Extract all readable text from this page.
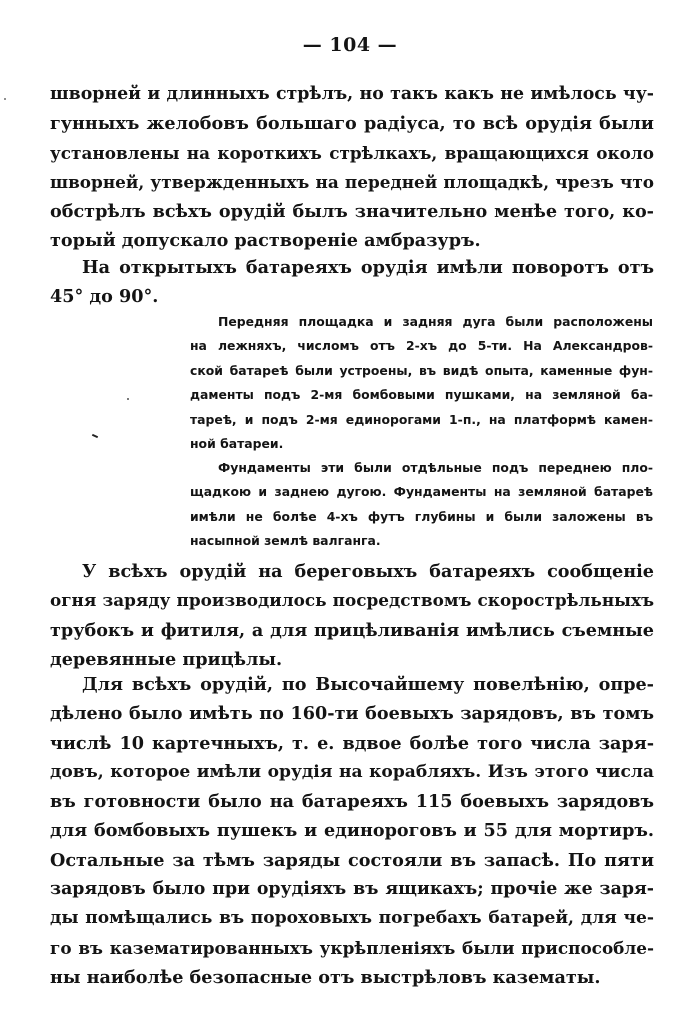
— 104 —
шворней и длинныхъ стрѣлъ, но такъ какъ не имѣлось чу-
гунныхъ желобовъ большаго радіуса, то всѣ орудія были
установлены на короткихъ стрѣлкахъ, вращающихся около
шворней, утвержденныхъ на передней площадкѣ, чрезъ что
обстрѣлъ всѣхъ орудій былъ значительно менѣе того, ко-
торый допускало раствореніе амбразуръ.
На открытыхъ батареяхъ орудія имѣли поворотъ отъ
45° до 90°.
Передняя площадка и задняя дуга были расположены
на лежняхъ, числомъ отъ 2-хъ до 5-ти. На Александров-
ской батареѣ были устроены, въ видѣ опыта, каменные фун-
даменты подъ 2-мя бомбовыми пушками, на земляной ба-
тареѣ, и подъ 2-мя единорогами 1-п., на платформѣ камен-
ной батареи.
Фундаменты эти были отдѣльные подъ переднею пло-
щадкою и заднею дугою. Фундаменты на земляной батареѣ
имѣли не болѣе 4-хъ футъ глубины и были заложены въ
насыпной землѣ валганга.
У всѣхъ орудій на береговыхъ батареяхъ сообщеніе
огня заряду производилось посредствомъ скорострѣльныхъ
трубокъ и фитиля, а для прицѣливанія имѣлись съемные
деревянные прицѣлы.
Для всѣхъ орудій, по Высочайшему повелѣнію, опре-
дѣлено было имѣть по 160-ти боевыхъ зарядовъ, въ томъ
числѣ 10 картечныхъ, т. е. вдвое болѣе того числа заря-
довъ, которое имѣли орудія на корабляхъ. Изъ этого числа
въ готовности было на батареяхъ 115 боевыхъ зарядовъ
для бомбовыхъ пушекъ и единороговъ и 55 для мортиръ.
Остальные за тѣмъ заряды состояли въ запасѣ. По пяти
зарядовъ было при орудіяхъ въ ящикахъ; прочіе же заря-
ды помѣщались въ пороховыхъ погребахъ батарей, для че-
го въ казематированныхъ укрѣпленіяхъ были приспособле-
ны наиболѣе безопасные отъ выстрѣловъ казематы.
